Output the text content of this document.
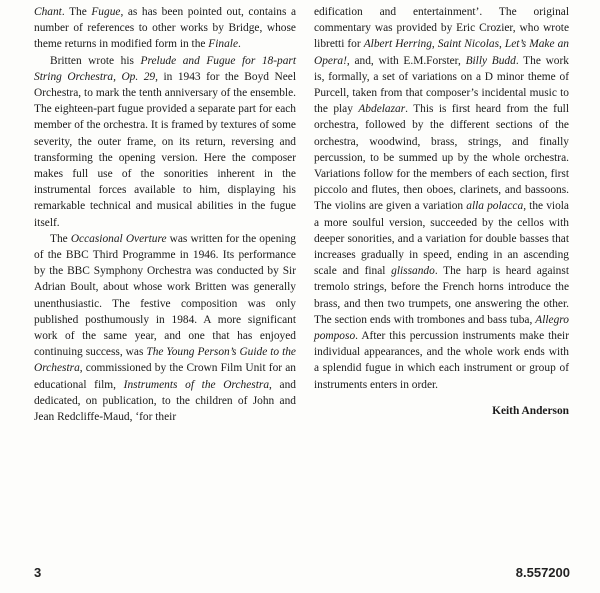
Chant. The Fugue, as has been pointed out, contains a number of references to other works by Bridge, whose theme returns in modified form in the Finale.

Britten wrote his Prelude and Fugue for 18-part String Orchestra, Op. 29, in 1943 for the Boyd Neel Orchestra, to mark the tenth anniversary of the ensemble. The eighteen-part fugue provided a separate part for each member of the orchestra. It is framed by textures of some severity, the outer frame, on its return, reversing and transforming the opening version. Here the composer makes full use of the sonorities inherent in the instrumental forces available to him, displaying his remarkable technical and musical abilities in the fugue itself.

The Occasional Overture was written for the opening of the BBC Third Programme in 1946. Its performance by the BBC Symphony Orchestra was conducted by Sir Adrian Boult, about whose work Britten was generally unenthusiastic. The festive composition was only published posthumously in 1984. A more significant work of the same year, and one that has enjoyed continuing success, was The Young Person’s Guide to the Orchestra, commissioned by the Crown Film Unit for an educational film, Instruments of the Orchestra, and dedicated, on publication, to the children of John and Jean Redcliffe-Maud, ‘for their

edification and entertainment’. The original commentary was provided by Eric Crozier, who wrote libretti for Albert Herring, Saint Nicolas, Let’s Make an Opera!, and, with E.M.Forster, Billy Budd. The work is, formally, a set of variations on a D minor theme of Purcell, taken from that composer’s incidental music to the play Abdelazar. This is first heard from the full orchestra, followed by the different sections of the orchestra, woodwind, brass, strings, and finally percussion, to be summed up by the whole orchestra. Variations follow for the members of each section, first piccolo and flutes, then oboes, clarinets, and bassoons. The violins are given a variation alla polacca, the viola a more soulful version, succeeded by the cellos with deeper sonorities, and a variation for double basses that increases gradually in speed, ending in an ascending scale and final glissando. The harp is heard against tremolo strings, before the French horns introduce the brass, and then two trumpets, one answering the other. The section ends with trombones and bass tuba, Allegro pomposo. After this percussion instruments make their individual appearances, and the whole work ends with a splendid fugue in which each instrument or group of instruments enters in order.

Keith Anderson

3	8.557200
